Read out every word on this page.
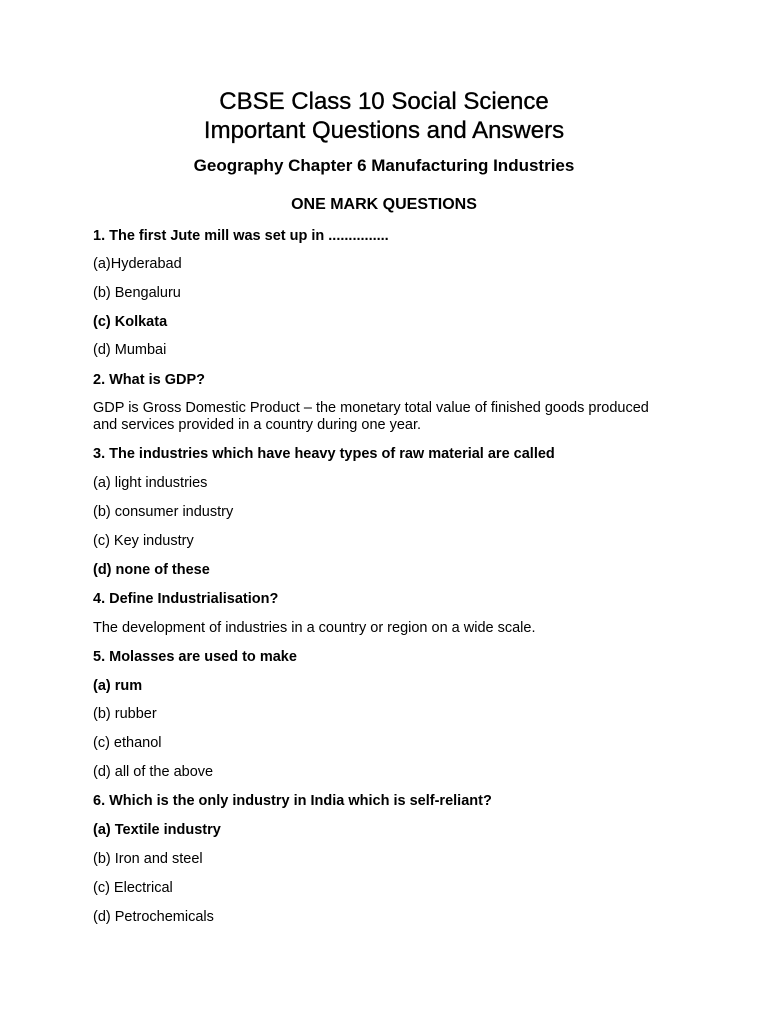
CBSE Class 10 Social Science
Important Questions and Answers
Geography Chapter 6 Manufacturing Industries
ONE MARK QUESTIONS
1. The first Jute mill was set up in ...............
(a)Hyderabad
(b) Bengaluru
(c) Kolkata
(d) Mumbai
2. What is GDP?
GDP is Gross Domestic Product – the monetary total value of finished goods produced and services provided in a country during one year.
3. The industries which have heavy types of raw material are called
(a) light industries
(b) consumer industry
(c) Key industry
(d) none of these
4. Define Industrialisation?
The development of industries in a country or region on a wide scale.
5. Molasses are used to make
(a) rum
(b) rubber
(c) ethanol
(d) all of the above
6. Which is the only industry in India which is self-reliant?
(a) Textile industry
(b) Iron and steel
(c) Electrical
(d) Petrochemicals
